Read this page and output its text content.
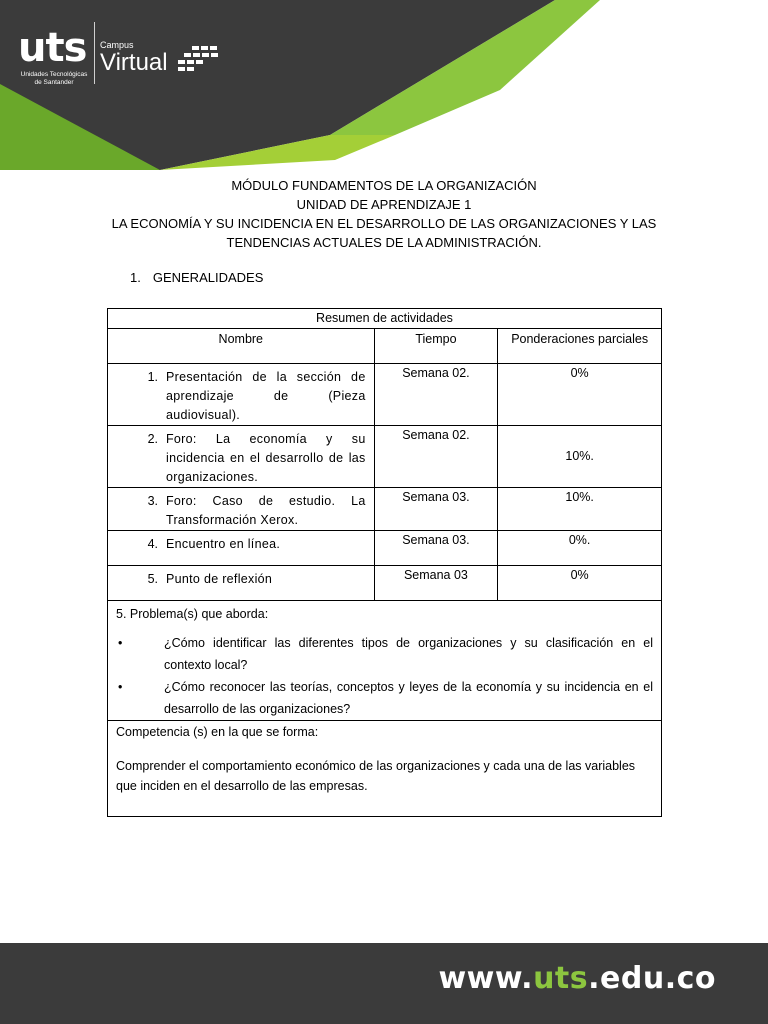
uts
Unidades Tecnológicas de Santander
Campus
Virtual
MÓDULO FUNDAMENTOS DE LA ORGANIZACIÓN
UNIDAD DE APRENDIZAJE 1
LA ECONOMÍA Y SU INCIDENCIA EN EL DESARROLLO DE LAS ORGANIZACIONES Y LAS
TENDENCIAS ACTUALES DE LA ADMINISTRACIÓN.
1. GENERALIDADES
Resumen de actividades		
Nombre	Tiempo	Ponderaciones parciales

1. Presentación de la sección de aprendizaje de (Pieza audiovisual).	Semana 02.	0%

2. Foro: La economía y su incidencia en el desarrollo de las organizaciones.	Semana 02.	10%.

3. Foro: Caso de estudio. La Transformación Xerox.	Semana 03.	10%.

4. Encuentro en línea.	Semana 03.	0%.

5. Punto de reflexión	Semana 03	0%

5. Problema(s) que aborda:
• ¿Cómo identificar las diferentes tipos de organizaciones y su clasificación en el contexto local?
• ¿Cómo reconocer las teorías, conceptos y leyes de la economía y su incidencia en el desarrollo de las organizaciones?		

Competencia (s) en la que se forma:
Comprender el comportamiento económico de las organizaciones y cada una de las variables que inciden en el desarrollo de las empresas.		
www.uts.edu.co
